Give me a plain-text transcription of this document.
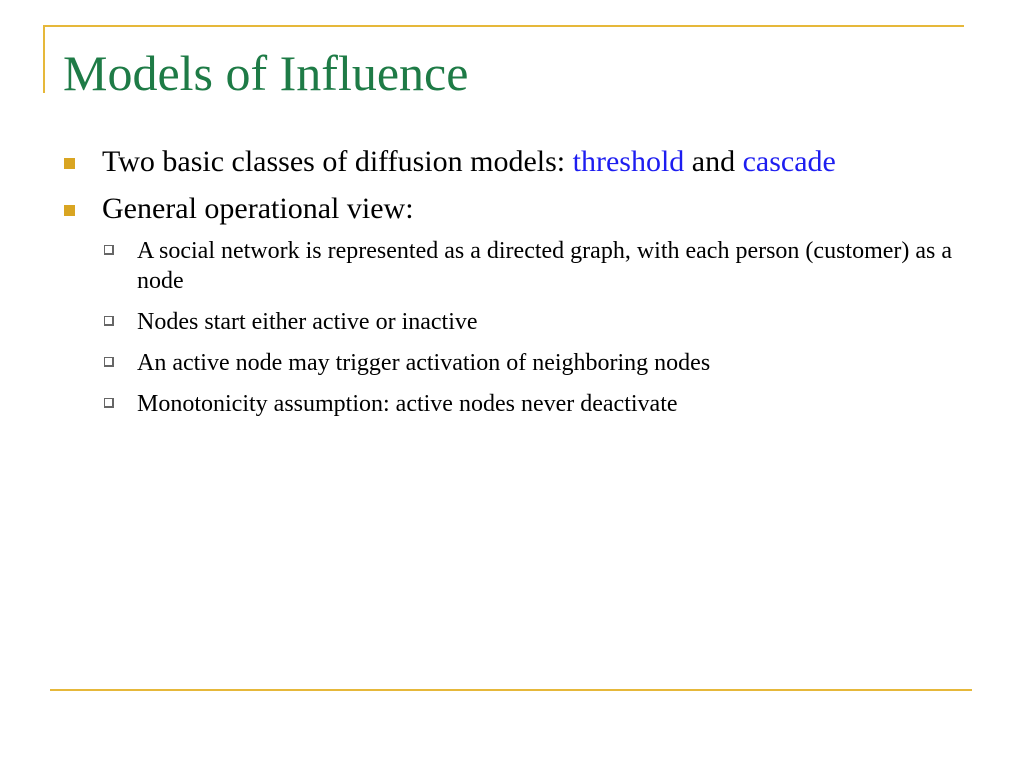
Models of Influence
Two basic classes of diffusion models: threshold and cascade
General operational view:
A social network is represented as a directed graph, with each person (customer) as a node
Nodes start either active or inactive
An active node may trigger activation of neighboring nodes
Monotonicity assumption: active nodes never deactivate
